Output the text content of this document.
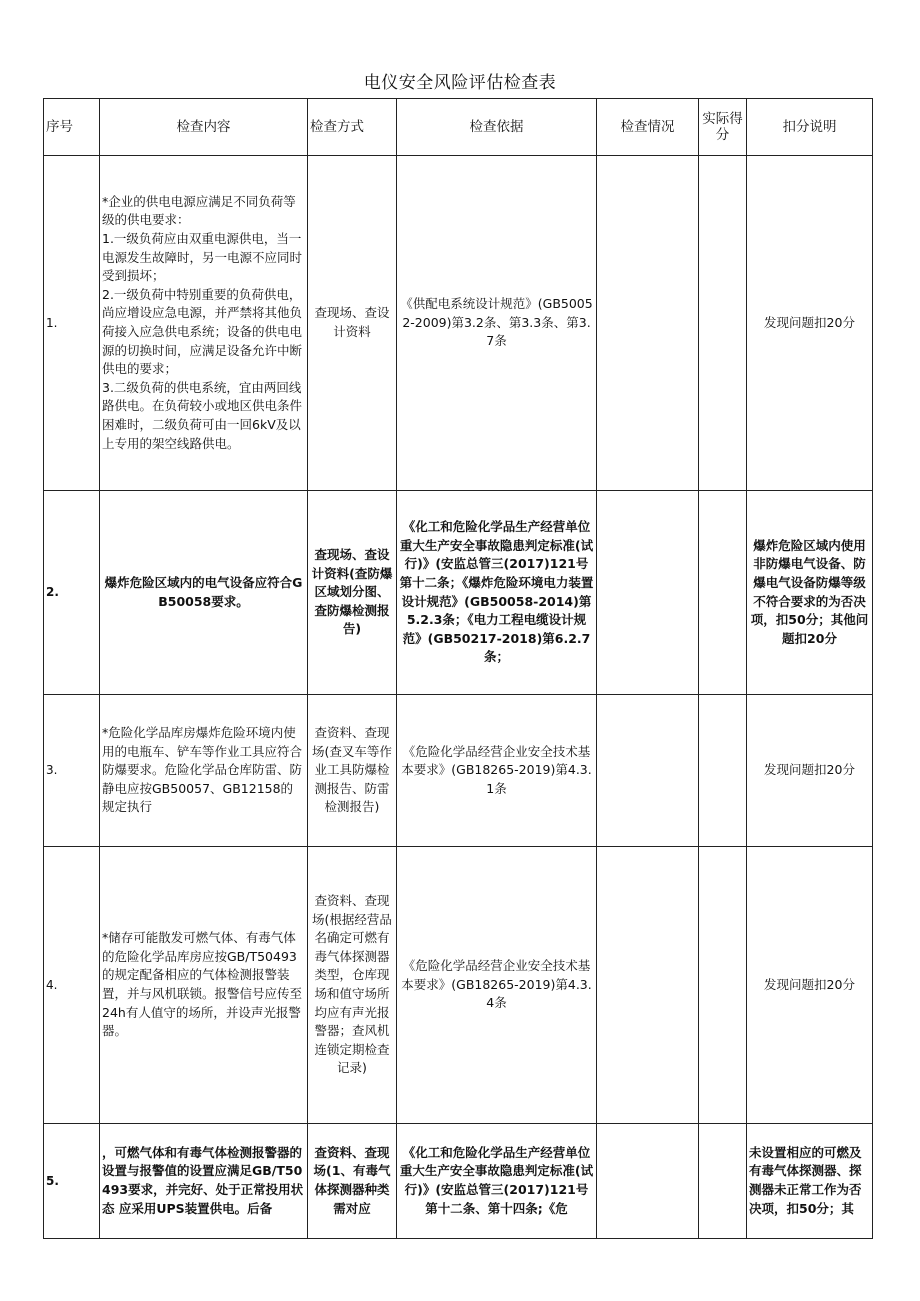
电仪安全风险评估检查表
序号	检查内容	检查方式	检查依据	检查情况	实际得分	扣分说明
1.	*企业的供电电源应满足不同负荷等级的供电要求：
1.一级负荷应由双重电源供电，当一电源发生故障时，另一电源不应同时受到损坏；
2.一级负荷中特别重要的负荷供电，尚应增设应急电源，并严禁将其他负荷接入应急供电系统；设备的供电电源的切换时间，应满足设备允许中断供电的要求；
3.二级负荷的供电系统，宜由两回线路供电。在负荷较小或地区供电条件困难时，二级负荷可由一回6kV及以上专用的架空线路供电。	查现场、查设计资料	《供配电系统设计规范》(GB50052-2009)第3.2条、第3.3条、第3.7条			发现问题扣20分
2.	爆炸危险区域内的电气设备应符合GB50058要求。	查现场、查设计资料(查防爆区域划分图、查防爆检测报告)	《化工和危险化学品生产经营单位重大生产安全事故隐患判定标准(试行)》(安监总管三(2017)121号第十二条；《爆炸危险环境电力装置设计规范》(GB50058-2014)第5.2.3条；《电力工程电缆设计规范》(GB50217-2018)第6.2.7条；			爆炸危险区域内使用非防爆电气设备、防爆电气设备防爆等级不符合要求的为否决项，扣50分；其他问题扣20分
3.	*危险化学品库房爆炸危险环境内使用的电瓶车、铲车等作业工具应符合防爆要求。危险化学品仓库防雷、防静电应按GB50057、GB12158的规定执行	查资料、查现场(查叉车等作业工具防爆检测报告、防雷检测报告)	《危险化学品经营企业安全技术基本要求》(GB18265-2019)第4.3.1条			发现问题扣20分
4.	*储存可能散发可燃气体、有毒气体的危险化学品库房应按GB/T50493的规定配备相应的气体检测报警装置，并与风机联锁。报警信号应传至24h有人值守的场所，并设声光报警器。	查资料、查现场(根据经营品名确定可燃有毒气体探测器类型，仓库现场和值守场所均应有声光报警器；查风机连锁定期检查记录)	《危险化学品经营企业安全技术基本要求》(GB18265-2019)第4.3.4条			发现问题扣20分
5.	，可燃气体和有毒气体检测报警器的设置与报警值的设置应满足GB/T50493要求，并完好、处于正常投用状态 应采用UPS装置供电。后备	查资料、查现场(1、有毒气体探测器种类需对应	《化工和危险化学品生产经营单位重大生产安全事故隐患判定标准(试行)》(安监总管三(2017)121号第十二条、第十四条;《危			未设置相应的可燃及有毒气体探测器、探测器未正常工作为否决项，扣50分；其
